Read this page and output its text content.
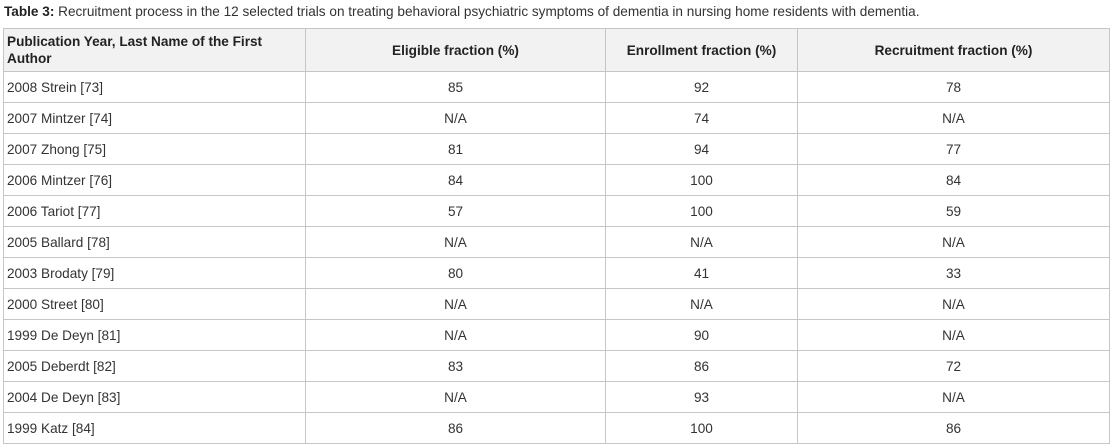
Table 3: Recruitment process in the 12 selected trials on treating behavioral psychiatric symptoms of dementia in nursing home residents with dementia.
Publication Year, Last Name of the First Author	Eligible fraction (%)	Enrollment fraction (%)	Recruitment fraction (%)
2008 Strein [73]	85	92	78
2007 Mintzer [74]	N/A	74	N/A
2007 Zhong [75]	81	94	77
2006 Mintzer [76]	84	100	84
2006 Tariot [77]	57	100	59
2005 Ballard [78]	N/A	N/A	N/A
2003 Brodaty [79]	80	41	33
2000 Street [80]	N/A	N/A	N/A
1999 De Deyn [81]	N/A	90	N/A
2005 Deberdt [82]	83	86	72
2004 De Deyn [83]	N/A	93	N/A
1999 Katz [84]	86	100	86
